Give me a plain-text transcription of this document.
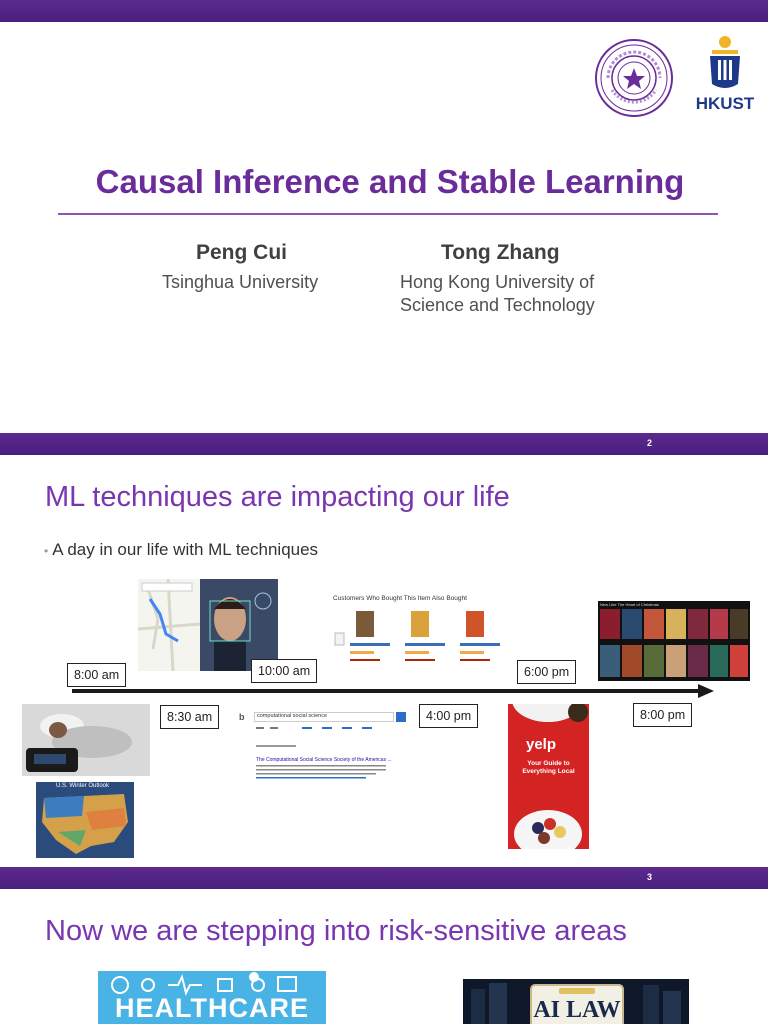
HKUST
Causal Inference and Stable Learning
Peng Cui
Tsinghua University
Tong Zhang
Hong Kong University of
Science and Technology
2
ML techniques are impacting our life
• A day in our life with ML techniques
Customers Who Bought This Item Also Bought
New Like The Heart of Christmas
8:00 am
8:30 am
10:00 am
4:00 pm
6:00 pm
8:00 pm
U.S. Winter Outlook
b	computational social science
The Computational Social Science Society of the Americas ...
yelp
Your Guide to
Everything Local
3
Now we are stepping into risk-sensitive areas
HEALTHCARE	AI LAW
